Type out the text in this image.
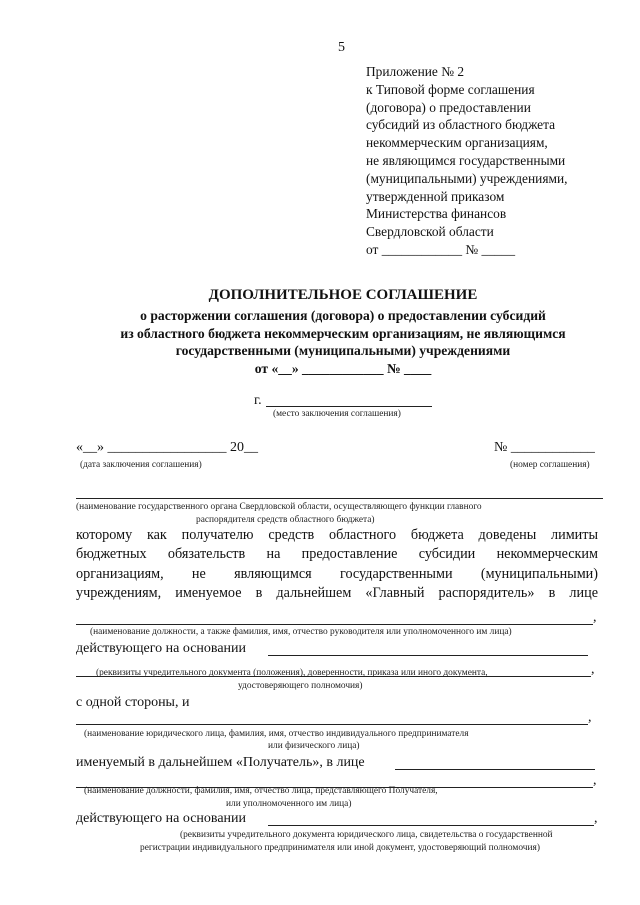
5
Приложение № 2
к Типовой форме соглашения
(договора) о предоставлении
субсидий из областного бюджета
некоммерческим организациям,
не являющимся государственными
(муниципальными) учреждениями,
утвержденной приказом
Министерства финансов
Свердловской области
от ____________ № _____
ДОПОЛНИТЕЛЬНОЕ СОГЛАШЕНИЕ
о расторжении соглашения (договора) о предоставлении субсидий
из областного бюджета некоммерческим организациям, не являющимся
государственными (муниципальными) учреждениями
от «__» ____________ № ____
г.
(место заключения соглашения)
«__» _________________ 20__
(дата заключения соглашения)
№ ____________
(номер соглашения)
(наименование государственного органа Свердловской области, осуществляющего функции главного
распорядителя средств областного бюджета)
которому как получателю средств областного бюджета доведены лимиты
бюджетных обязательств на предоставление субсидии некоммерческим
организациям, не являющимся государственными (муниципальными)
учреждениям, именуемое в дальнейшем «Главный распорядитель» в лице
,
(наименование должности, а также фамилия, имя, отчество руководителя или уполномоченного им лица)
действующего на основании
,
(реквизиты учредительного документа (положения), доверенности, приказа или иного документа,
удостоверяющего полномочия)
с одной стороны, и
,
(наименование юридического лица, фамилия, имя, отчество индивидуального предпринимателя
или физического лица)
именуемый в дальнейшем «Получатель», в лице
,
(наименование должности, фамилия, имя, отчество лица, представляющего Получателя,
или уполномоченного им лица)
действующего на основании	,
(реквизиты учредительного документа юридического лица, свидетельства о государственной
регистрации индивидуального предпринимателя или иной документ, удостоверяющий полномочия)
